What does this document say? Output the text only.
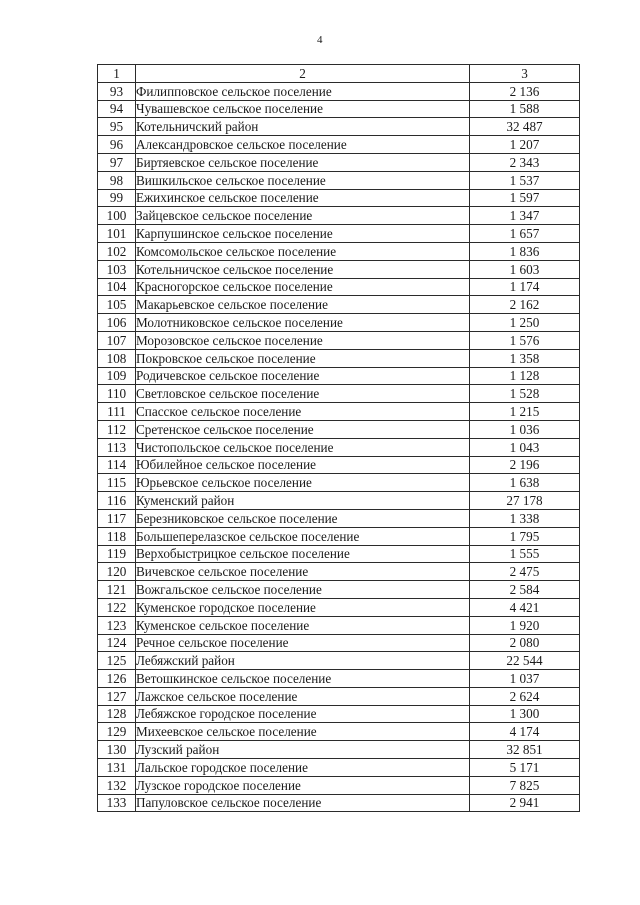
4
1	2	3
93	Филипповское сельское поселение	2 136
94	Чувашевское сельское поселение	1 588
95	Котельничский район	32 487
96	Александровское сельское поселение	1 207
97	Биртяевское сельское поселение	2 343
98	Вишкильское сельское поселение	1 537
99	Ежихинское сельское поселение	1 597
100	Зайцевское сельское поселение	1 347
101	Карпушинское сельское поселение	1 657
102	Комсомольское сельское поселение	1 836
103	Котельничское сельское поселение	1 603
104	Красногорское сельское поселение	1 174
105	Макарьевское сельское поселение	2 162
106	Молотниковское сельское поселение	1 250
107	Морозовское сельское поселение	1 576
108	Покровское сельское поселение	1 358
109	Родичевское сельское поселение	1 128
110	Светловское сельское поселение	1 528
111	Спасское сельское поселение	1 215
112	Сретенское сельское поселение	1 036
113	Чистопольское сельское поселение	1 043
114	Юбилейное сельское поселение	2 196
115	Юрьевское сельское поселение	1 638
116	Куменский район	27 178
117	Березниковское сельское поселение	1 338
118	Большеперелазское сельское поселение	1 795
119	Верхобыстрицкое сельское поселение	1 555
120	Вичевское сельское поселение	2 475
121	Вожгальское сельское поселение	2 584
122	Куменское городское поселение	4 421
123	Куменское сельское поселение	1 920
124	Речное сельское поселение	2 080
125	Лебяжский район	22 544
126	Ветошкинское сельское поселение	1 037
127	Лажское сельское поселение	2 624
128	Лебяжское городское поселение	1 300
129	Михеевское сельское поселение	4 174
130	Лузский район	32 851
131	Лальское городское поселение	5 171
132	Лузское городское поселение	7 825
133	Папуловское сельское поселение	2 941
